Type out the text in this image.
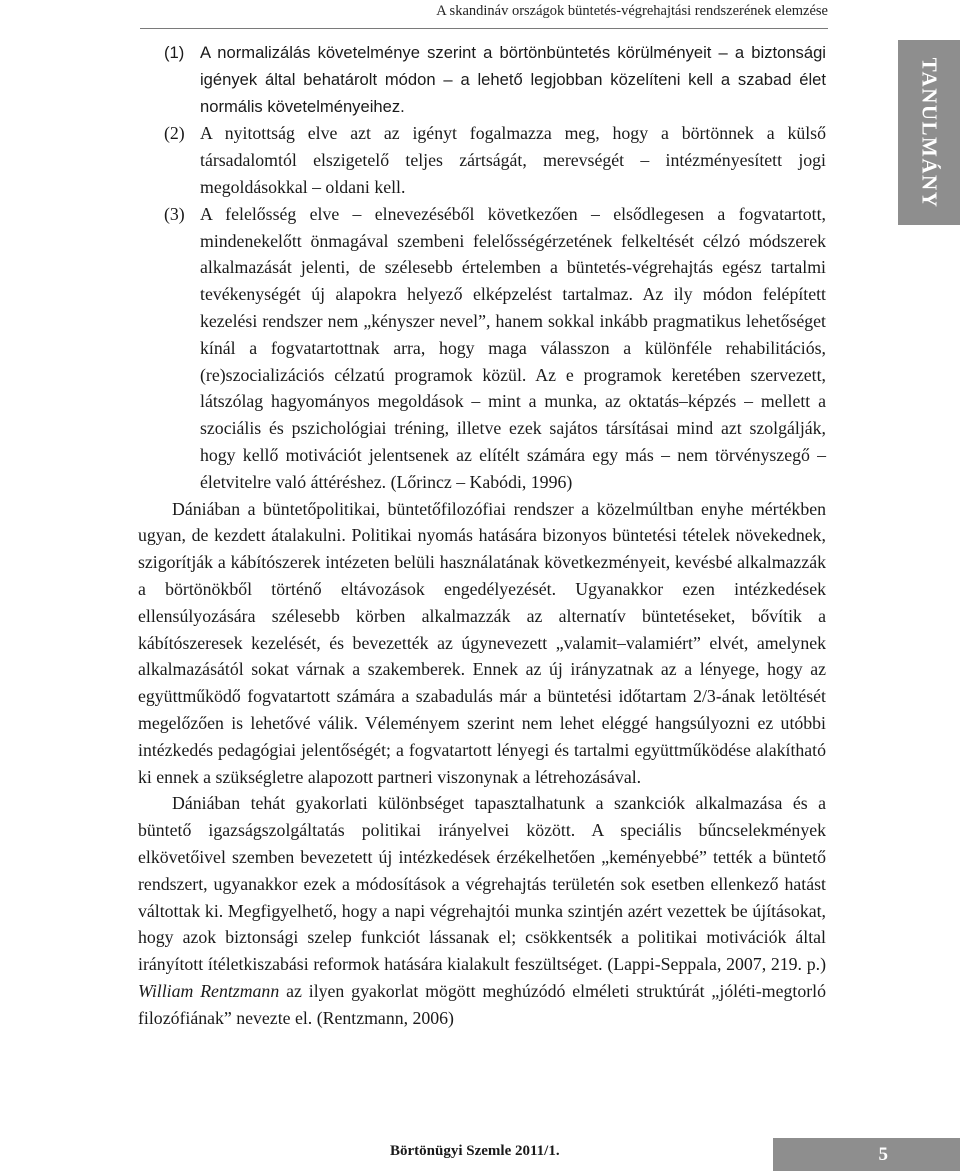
A skandináv országok büntetés-végrehajtási rendszerének elemzése
TANULMÁNY

(1) A normalizálás követelménye szerint a börtönbüntetés körülményeit – a biztonsági igények által behatárolt módon – a lehető legjobban közelíteni kell a szabad élet normális követelményeihez.

(2) A nyitottság elve azt az igényt fogalmazza meg, hogy a börtönnek a külső társadalomtól elszigetelő teljes zártságát, merevségét – intézményesített jogi megoldásokkal – oldani kell.

(3) A felelősség elve – elnevezéséből következően – elsődlegesen a fogvatartott, mindenekelőtt önmagával szembeni felelősségérzetének felkeltését célzó módszerek alkalmazását jelenti, de szélesebb értelemben a büntetés-végrehajtás egész tartalmi tevékenységét új alapokra helyező elképzelést tartalmaz. Az ily módon felépített kezelési rendszer nem „kényszer nevel”, hanem sokkal inkább pragmatikus lehetőséget kínál a fogvatartottnak arra, hogy maga válasszon a különféle rehabilitációs, (re)szocializációs célzatú programok közül. Az e programok keretében szervezett, látszólag hagyományos megoldások – mint a munka, az oktatás–képzés – mellett a szociális és pszichológiai tréning, illetve ezek sajátos társításai mind azt szolgálják, hogy kellő motivációt jelentsenek az elítélt számára egy más – nem törvényszegő – életvitelre való áttéréshez. (Lőrincz – Kabódi, 1996)

Dániában a büntetőpolitikai, büntetőfilozófiai rendszer a közelmúltban enyhe mértékben ugyan, de kezdett átalakulni. Politikai nyomás hatására bizonyos büntetési tételek növekednek, szigorítják a kábítószerek intézeten belüli használatának következményeit, kevésbé alkalmazzák a börtönökből történő eltávozások engedélyezését. Ugyanakkor ezen intézkedések ellensúlyozására szélesebb körben alkalmazzák az alternatív büntetéseket, bővítik a kábítószeresek kezelését, és bevezették az úgynevezett „valamit–valamiért” elvét, amelynek alkalmazásától sokat várnak a szakemberek. Ennek az új irányzatnak az a lényege, hogy az együttműködő fogvatartott számára a szabadulás már a büntetési időtartam 2/3-ának letöltését megelőzően is lehetővé válik. Véleményem szerint nem lehet eléggé hangsúlyozni ez utóbbi intézkedés pedagógiai jelentőségét; a fogvatartott lényegi és tartalmi együttműködése alakítható ki ennek a szükségletre alapozott partneri viszonynak a létrehozásával.

Dániában tehát gyakorlati különbséget tapasztalhatunk a szankciók alkalmazása és a büntető igazságszolgáltatás politikai irányelvei között. A speciális bűncselekmények elkövetőivel szemben bevezetett új intézkedések érzékelhetően „keményebbé” tették a büntető rendszert, ugyanakkor ezek a módosítások a végrehajtás területén sok esetben ellenkező hatást váltottak ki. Megfigyelhető, hogy a napi végrehajtói munka szintjén azért vezettek be újításokat, hogy azok biztonsági szelep funkciót lássanak el; csökkentsék a politikai motivációk által irányított ítéletkiszabási reformok hatására kialakult feszültséget. (Lappi-Seppala, 2007, 219. p.) William Rentzmann az ilyen gyakorlat mögött meghúzódó elméleti struktúrát „jóléti-megtorló filozófiának” nevezte el. (Rentzmann, 2006)

Börtönügyi Szemle 2011/1.	5
